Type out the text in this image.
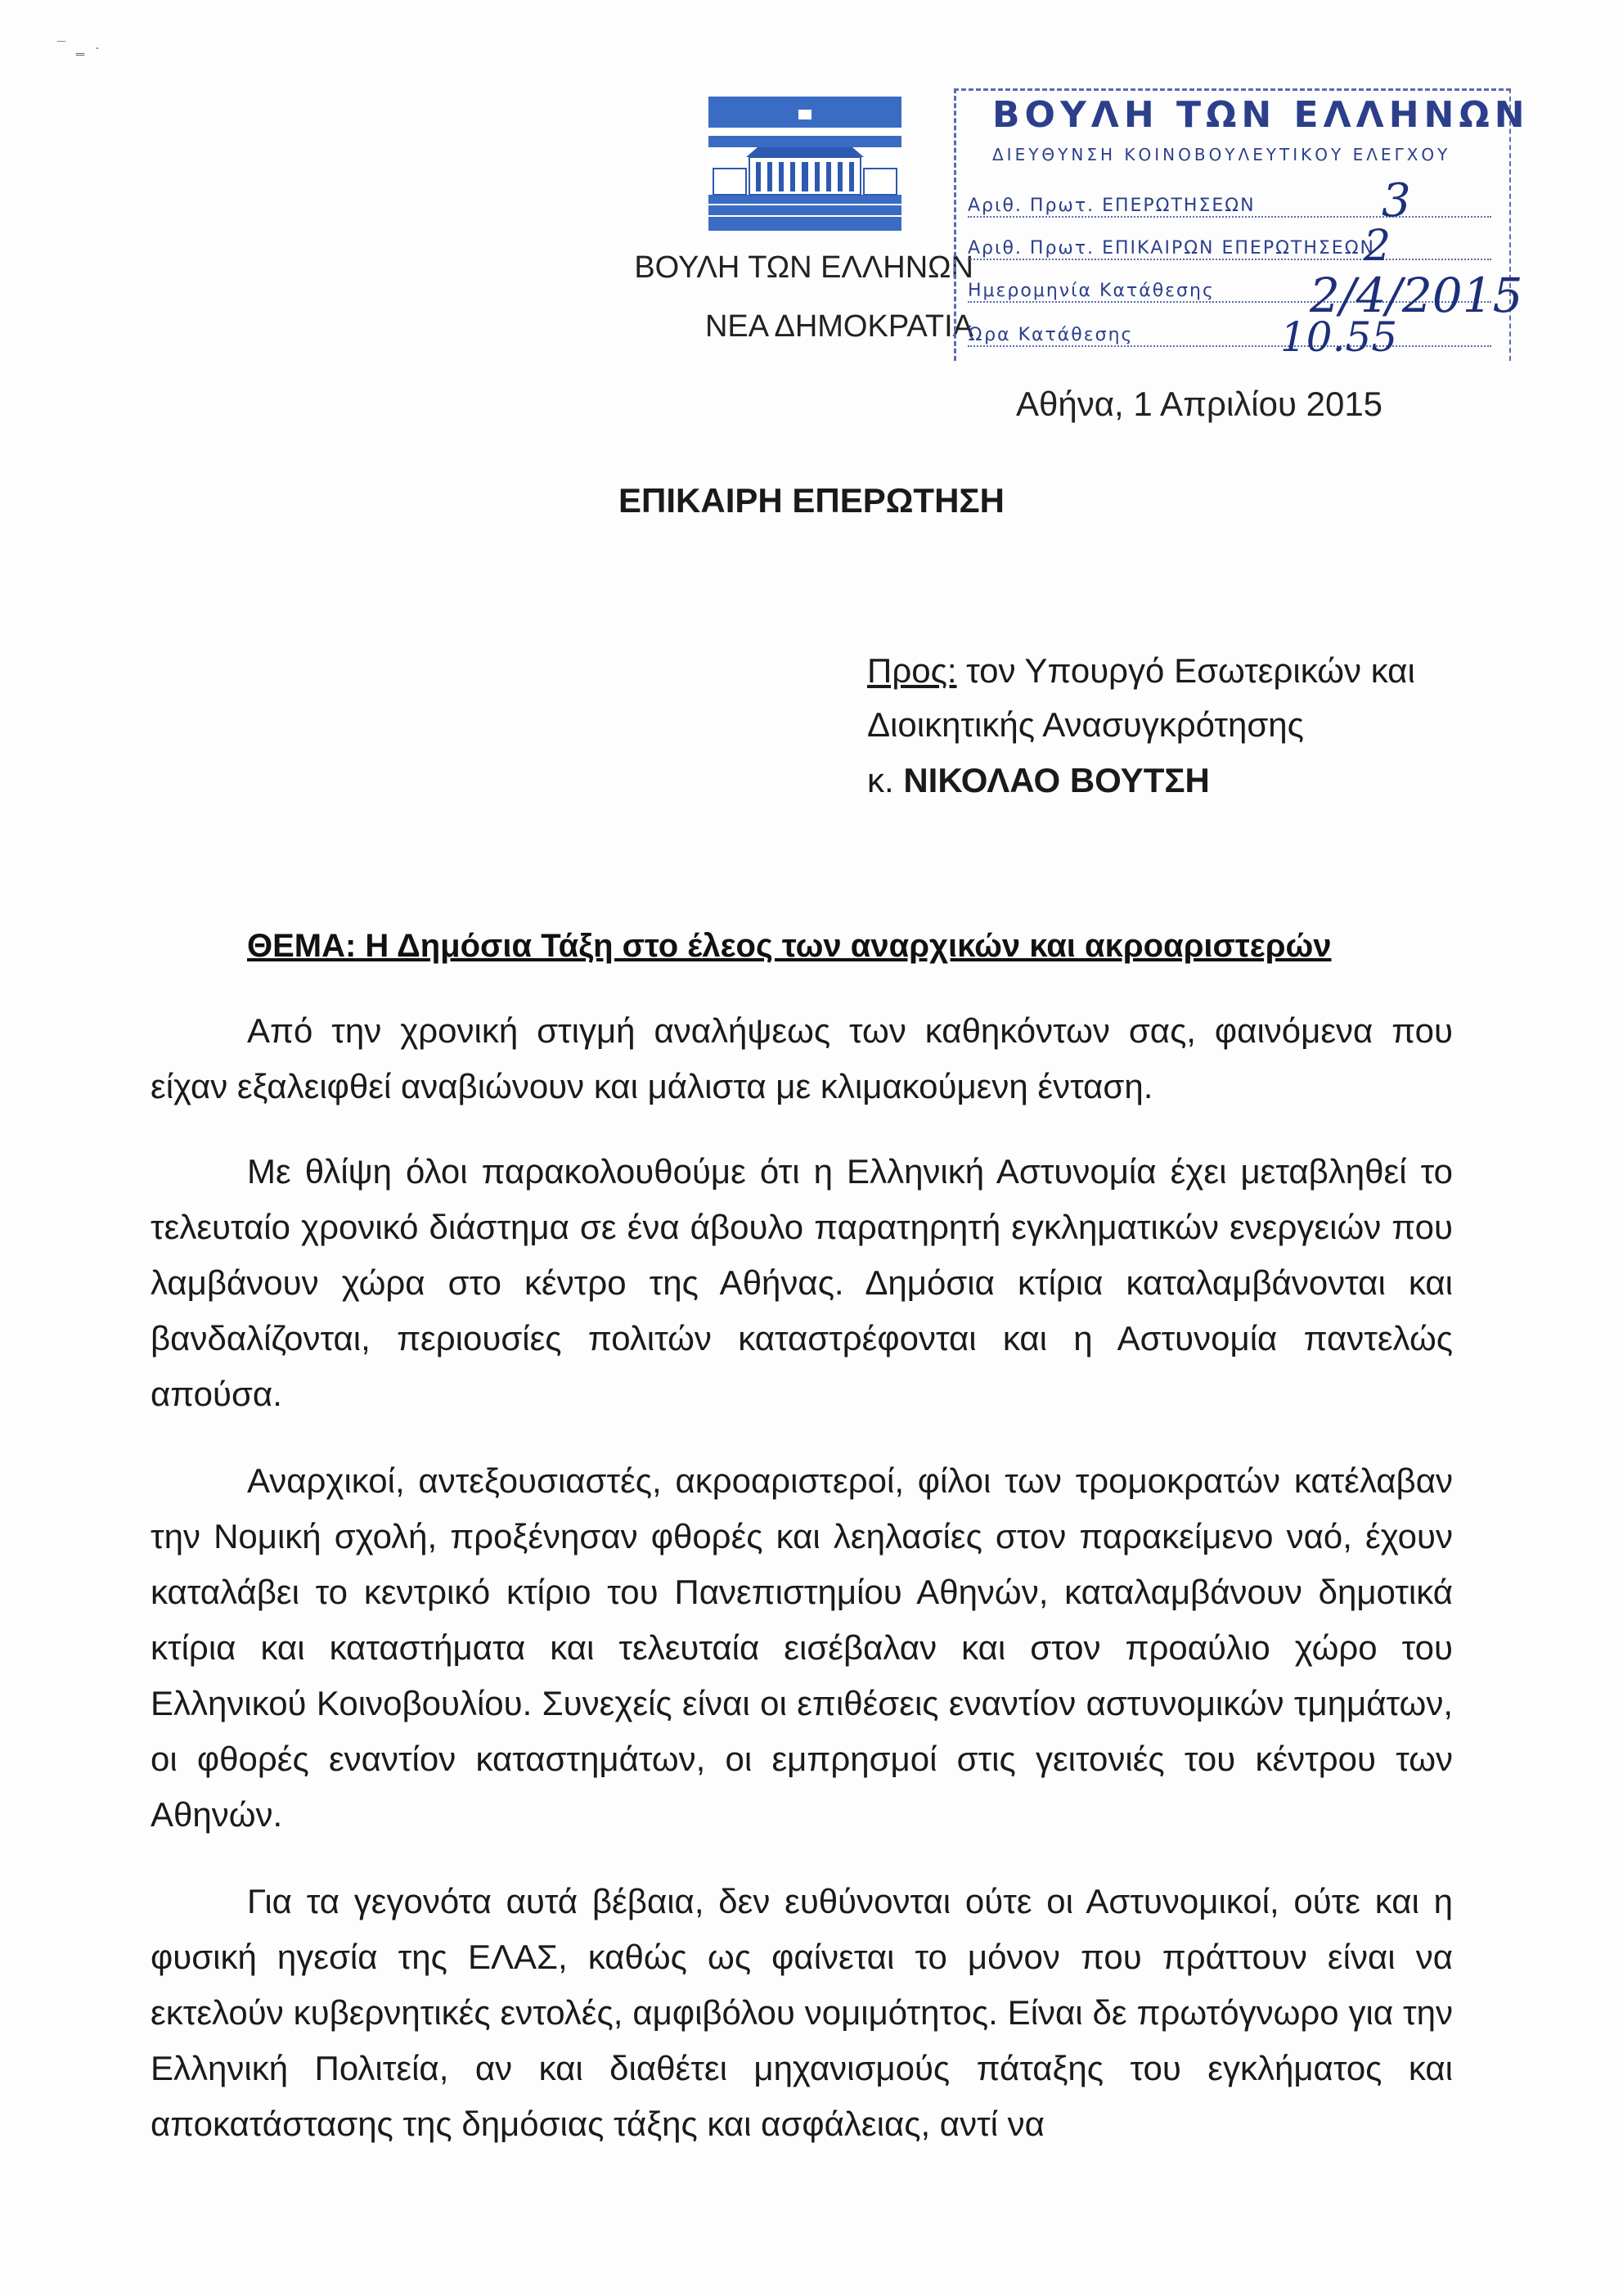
¯ ‗ ·
ΒΟΥΛΗ ΤΩΝ ΕΛΛΗΝΩΝ
ΝΕΑ ΔΗΜΟΚΡΑΤΙΑ
ΒΟΥΛΗ ΤΩΝ ΕΛΛΗΝΩΝ
ΔΙΕΥΘΥΝΣΗ ΚΟΙΝΟΒΟΥΛΕΥΤΙΚΟΥ ΕΛΕΓΧΟΥ
Αριθ. Πρωτ. ΕΠΕΡΩΤΗΣΕΩΝ
Αριθ. Πρωτ. ΕΠΙΚΑΙΡΩΝ ΕΠΕΡΩΤΗΣΕΩΝ
Ημερομηνία Κατάθεσης
Ώρα Κατάθεσης
3
2
2/4/2015
10.55
Αθήνα, 1 Απριλίου 2015
ΕΠΙΚΑΙΡΗ ΕΠΕΡΩΤΗΣΗ
Προς: τον Υπουργό Εσωτερικών και
Διοικητικής Ανασυγκρότησης
κ. ΝΙΚΟΛΑΟ ΒΟΥΤΣΗ
ΘΕΜΑ: Η Δημόσια Τάξη στο έλεος των αναρχικών και ακροαριστερών

Από την χρονική στιγμή αναλήψεως των καθηκόντων σας, φαινόμενα που είχαν εξαλειφθεί αναβιώνουν και μάλιστα με κλιμακούμενη ένταση.

Με θλίψη όλοι παρακολουθούμε ότι η Ελληνική Αστυνομία έχει μεταβληθεί το τελευταίο χρονικό διάστημα σε ένα άβουλο παρατηρητή εγκληματικών ενεργειών που λαμβάνουν χώρα στο κέντρο της Αθήνας. Δημόσια κτίρια καταλαμβάνονται και βανδαλίζονται, περιουσίες πολιτών καταστρέφονται και η Αστυνομία παντελώς απούσα.

Αναρχικοί, αντεξουσιαστές, ακροαριστεροί, φίλοι των τρομοκρατών κατέλαβαν την Νομική σχολή, προξένησαν φθορές και λεηλασίες στον παρακείμενο ναό, έχουν καταλάβει το κεντρικό κτίριο του Πανεπιστημίου Αθηνών, καταλαμβάνουν δημοτικά κτίρια και καταστήματα και τελευταία εισέβαλαν και στον προαύλιο χώρο του Ελληνικού Κοινοβουλίου. Συνεχείς είναι οι επιθέσεις εναντίον αστυνομικών τμημάτων, οι φθορές εναντίον καταστημάτων, οι εμπρησμοί στις γειτονιές του κέντρου των Αθηνών.

Για τα γεγονότα αυτά βέβαια, δεν ευθύνονται ούτε οι Αστυνομικοί, ούτε και η φυσική ηγεσία της ΕΛΑΣ, καθώς ως φαίνεται το μόνον που πράττουν είναι να εκτελούν κυβερνητικές εντολές, αμφιβόλου νομιμότητος. Είναι δε πρωτόγνωρο για την Ελληνική Πολιτεία, αν και διαθέτει μηχανισμούς πάταξης του εγκλήματος και αποκατάστασης της δημόσιας τάξης και ασφάλειας, αντί να
